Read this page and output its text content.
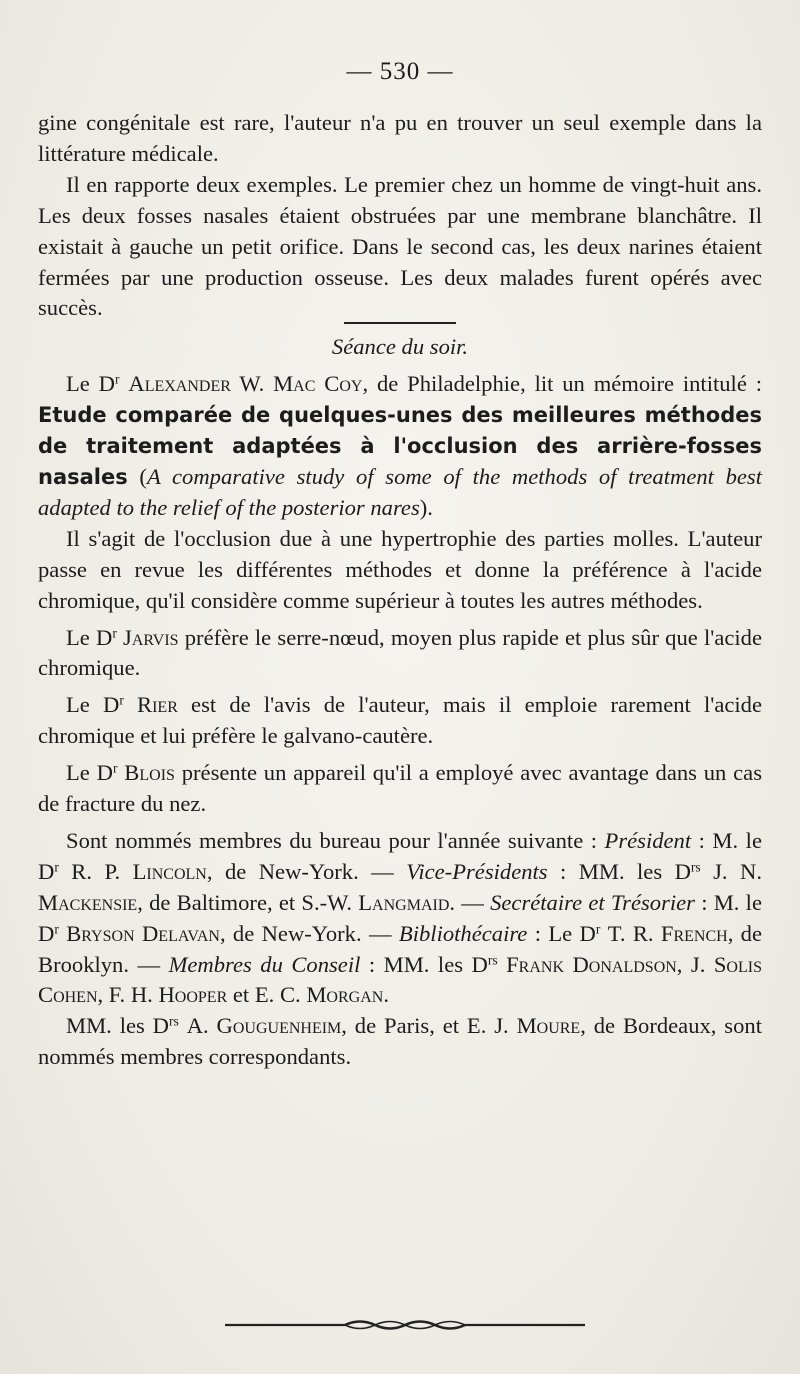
— 530 —

gine congénitale est rare, l'auteur n'a pu en trouver un seul exemple dans la littérature médicale.

Il en rapporte deux exemples. Le premier chez un homme de vingt-huit ans. Les deux fosses nasales étaient obstruées par une membrane blanchâtre. Il existait à gauche un petit orifice. Dans le second cas, les deux narines étaient fermées par une production osseuse. Les deux malades furent opérés avec succès.

Séance du soir.

Le $D^r$ Alexander W. Mac Coy, de Philadelphie, lit un mémoire intitulé : Etude comparée de quelques-unes des meilleures méthodes de traitement adaptées à l'occlusion des arrière-fosses nasales (A comparative study of some of the methods of treatment best adapted to the relief of the posterior nares).

Il s'agit de l'occlusion due à une hypertrophie des parties molles. L'auteur passe en revue les différentes méthodes et donne la préférence à l'acide chromique, qu'il considère comme supérieur à toutes les autres méthodes.

Le $D^r$ Jarvis préfère le serre-nœud, moyen plus rapide et plus sûr que l'acide chromique.

Le $D^r$ Rier est de l'avis de l'auteur, mais il emploie rarement l'acide chromique et lui préfère le galvano-cautère.

Le $D^r$ Blois présente un appareil qu'il a employé avec avantage dans un cas de fracture du nez.

Sont nommés membres du bureau pour l'année suivante : Président : M. le $D^r$ R. P. Lincoln, de New-York. — Vice-Présidents : MM. les $D^{rs}$ J. N. Mackensie, de Baltimore, et S.-W. Langmaid. — Secrétaire et Trésorier : M. le $D^r$ Bryson Delavan, de New-York. — Bibliothécaire : Le $D^r$ T. R. French, de Brooklyn. — Membres du Conseil : MM. les $D^{rs}$ Frank Donaldson, J. Solis Cohen, F. H. Hooper et E. C. Morgan.

MM. les $D^{rs}$ A. Gouguenheim, de Paris, et E. J. Moure, de Bordeaux, sont nommés membres correspondants.
